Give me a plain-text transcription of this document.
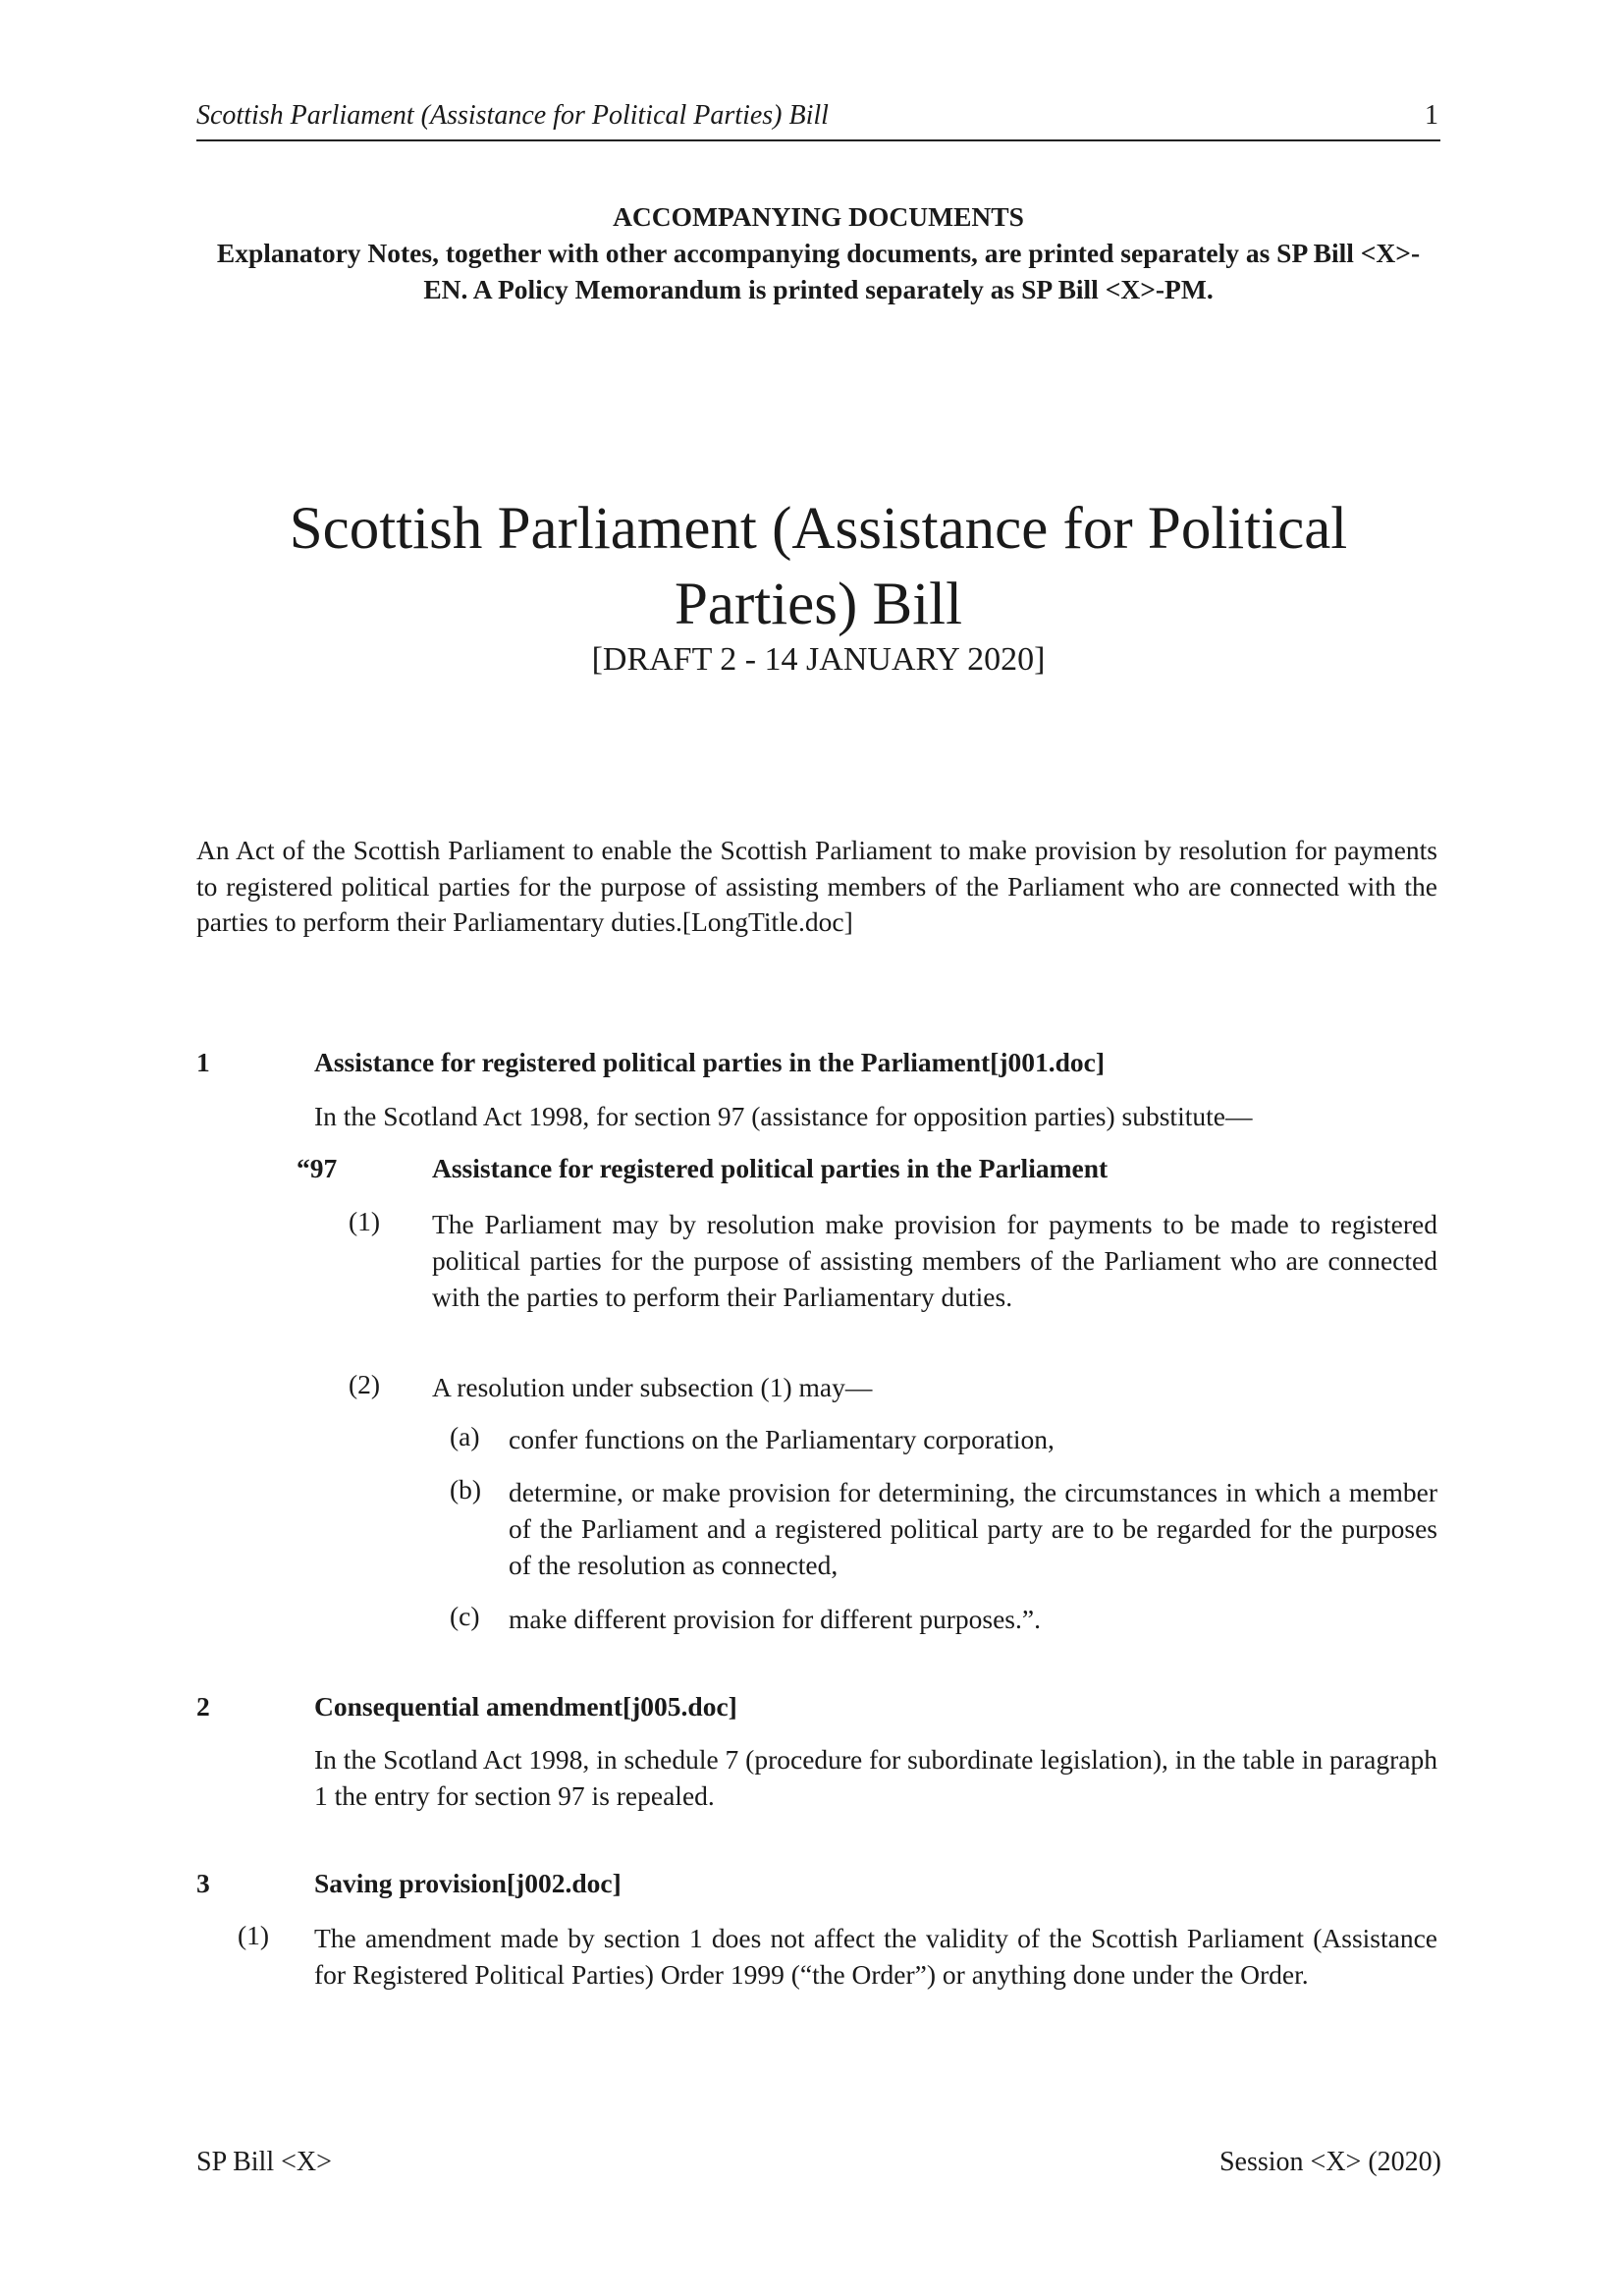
Scottish Parliament (Assistance for Political Parties) Bill	1
ACCOMPANYING DOCUMENTS
Explanatory Notes, together with other accompanying documents, are printed separately as SP Bill <X>-EN. A Policy Memorandum is printed separately as SP Bill <X>-PM.
Scottish Parliament (Assistance for Political
Parties) Bill
[DRAFT 2 - 14 JANUARY 2020]
An Act of the Scottish Parliament to enable the Scottish Parliament to make provision by resolution for payments to registered political parties for the purpose of assisting members of the Parliament who are connected with the parties to perform their Parliamentary duties.[LongTitle.doc]
1	Assistance for registered political parties in the Parliament[j001.doc]
In the Scotland Act 1998, for section 97 (assistance for opposition parties) substitute—
“97	Assistance for registered political parties in the Parliament
(1) The Parliament may by resolution make provision for payments to be made to registered political parties for the purpose of assisting members of the Parliament who are connected with the parties to perform their Parliamentary duties.
(2) A resolution under subsection (1) may—
(a) confer functions on the Parliamentary corporation,
(b) determine, or make provision for determining, the circumstances in which a member of the Parliament and a registered political party are to be regarded for the purposes of the resolution as connected,
(c) make different provision for different purposes.”.
2	Consequential amendment[j005.doc]
In the Scotland Act 1998, in schedule 7 (procedure for subordinate legislation), in the table in paragraph 1 the entry for section 97 is repealed.
3	Saving provision[j002.doc]
(1) The amendment made by section 1 does not affect the validity of the Scottish Parliament (Assistance for Registered Political Parties) Order 1999 (“the Order”) or anything done under the Order.
SP Bill <X>	Session <X> (2020)
